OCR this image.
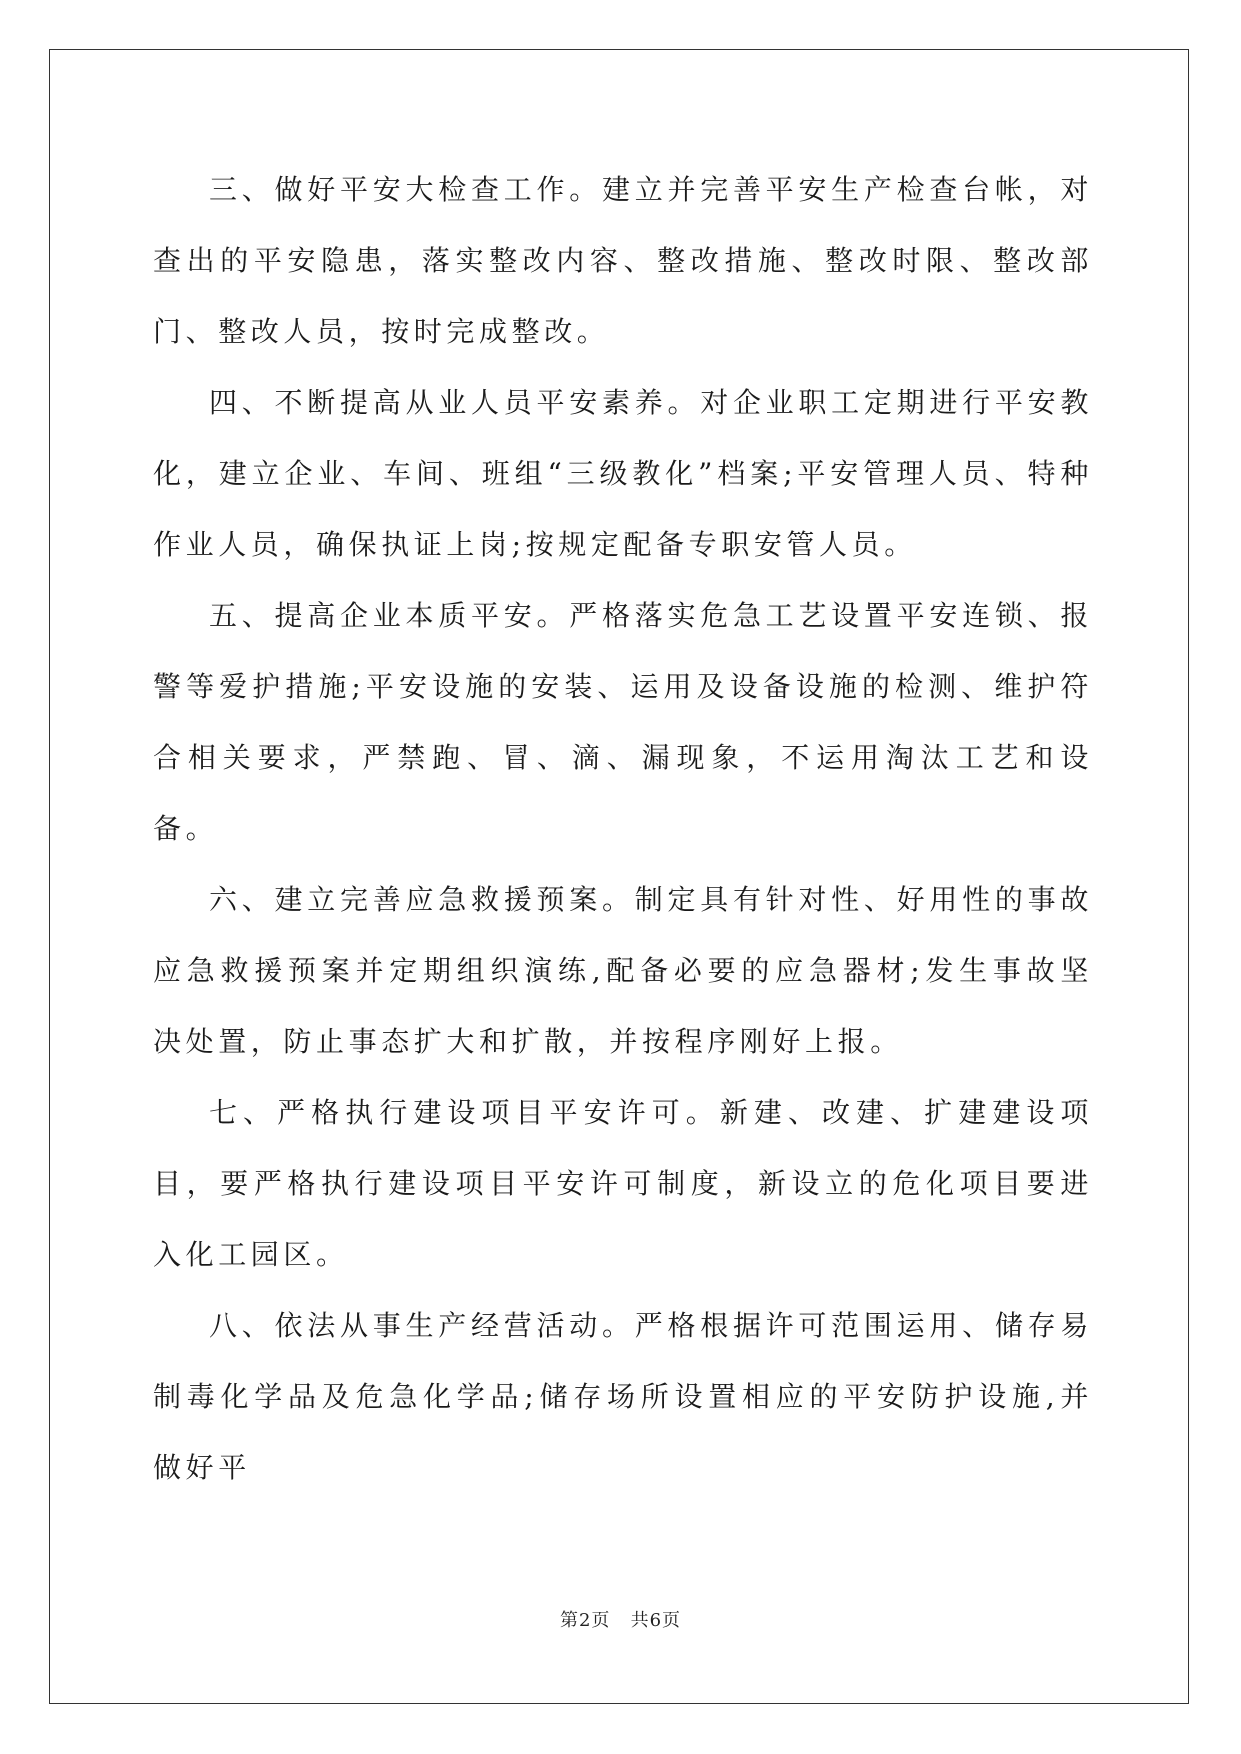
三、做好平安大检查工作。建立并完善平安生产检查台帐，对查出的平安隐患，落实整改内容、整改措施、整改时限、整改部门、整改人员，按时完成整改。

四、不断提高从业人员平安素养。对企业职工定期进行平安教化，建立企业、车间、班组“三级教化”档案;平安管理人员、特种作业人员，确保执证上岗;按规定配备专职安管人员。

五、提高企业本质平安。严格落实危急工艺设置平安连锁、报警等爱护措施;平安设施的安装、运用及设备设施的检测、维护符合相关要求，严禁跑、冒、滴、漏现象，不运用淘汰工艺和设备。

六、建立完善应急救援预案。制定具有针对性、好用性的事故应急救援预案并定期组织演练,配备必要的应急器材;发生事故坚决处置，防止事态扩大和扩散，并按程序刚好上报。

七、严格执行建设项目平安许可。新建、改建、扩建建设项目，要严格执行建设项目平安许可制度，新设立的危化项目要进入化工园区。

八、依法从事生产经营活动。严格根据许可范围运用、储存易制毒化学品及危急化学品;储存场所设置相应的平安防护设施,并做好平

第2页 共6页
